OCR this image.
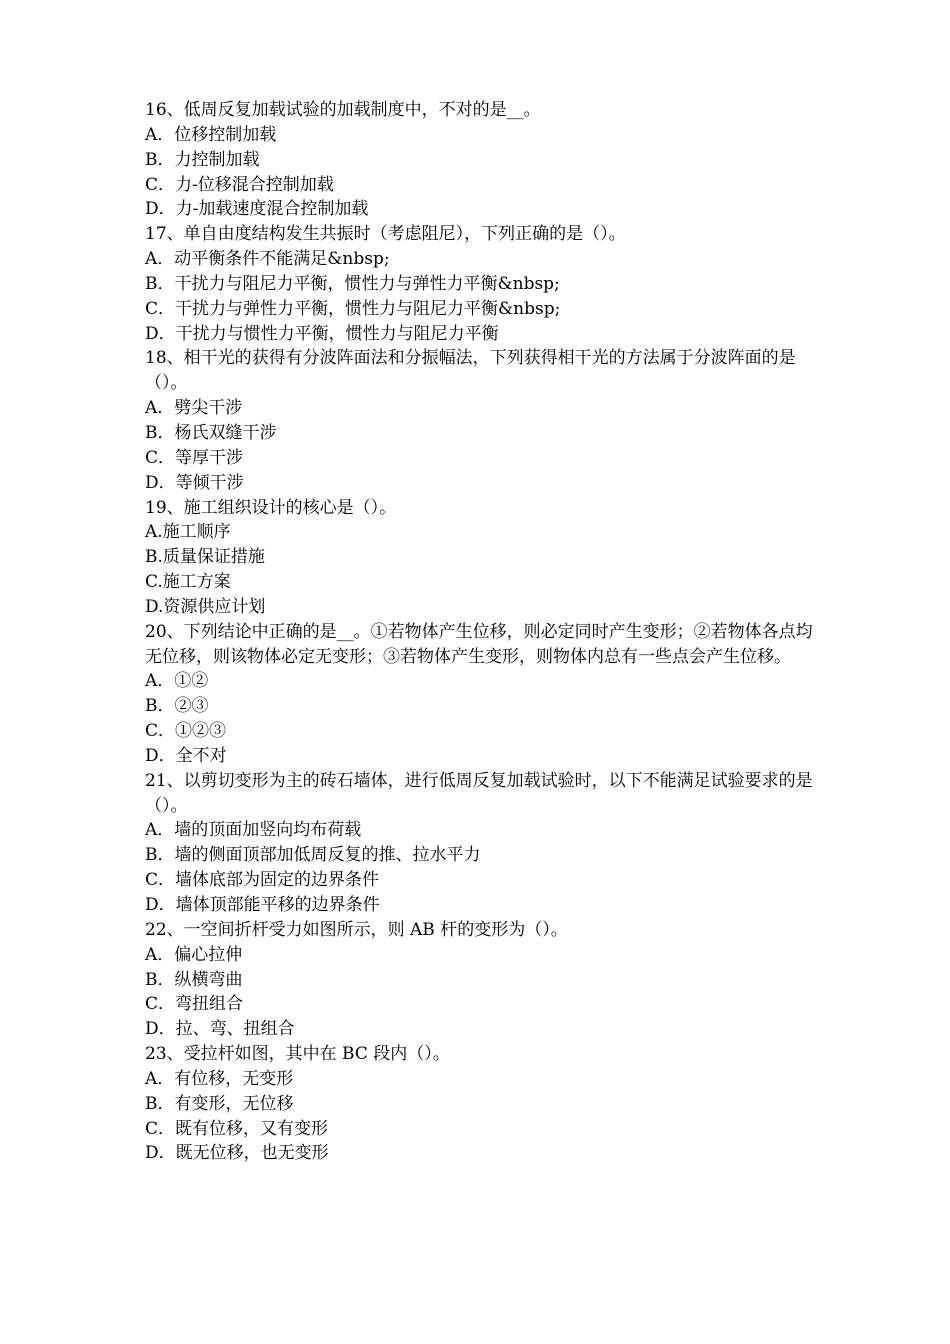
16、低周反复加载试验的加载制度中，不对的是__。

A．位移控制加载

B．力控制加载

C．力-位移混合控制加载

D．力-加载速度混合控制加载

17、单自由度结构发生共振时（考虑阻尼），下列正确的是（）。

A．动平衡条件不能满足&nbsp;

B．干扰力与阻尼力平衡，惯性力与弹性力平衡&nbsp;

C．干扰力与弹性力平衡，惯性力与阻尼力平衡&nbsp;

D．干扰力与惯性力平衡，惯性力与阻尼力平衡

18、相干光的获得有分波阵面法和分振幅法，下列获得相干光的方法属于分波阵面的是（）。

A．劈尖干涉

B．杨氏双缝干涉

C．等厚干涉

D．等倾干涉

19、施工组织设计的核心是（）。

A.施工顺序

B.质量保证措施

C.施工方案

D.资源供应计划

20、下列结论中正确的是__。①若物体产生位移，则必定同时产生变形；②若物体各点均无位移，则该物体必定无变形；③若物体产生变形，则物体内总有一些点会产生位移。

A．①②

B．②③

C．①②③

D．全不对

21、以剪切变形为主的砖石墙体，进行低周反复加载试验时，以下不能满足试验要求的是（）。

A．墙的顶面加竖向均布荷载

B．墙的侧面顶部加低周反复的推、拉水平力

C．墙体底部为固定的边界条件

D．墙体顶部能平移的边界条件

22、一空间折杆受力如图所示，则 AB 杆的变形为（）。

A．偏心拉伸

B．纵横弯曲

C．弯扭组合

D．拉、弯、扭组合

23、受拉杆如图，其中在 BC 段内（）。

A．有位移，无变形

B．有变形，无位移

C．既有位移，又有变形

D．既无位移，也无变形
